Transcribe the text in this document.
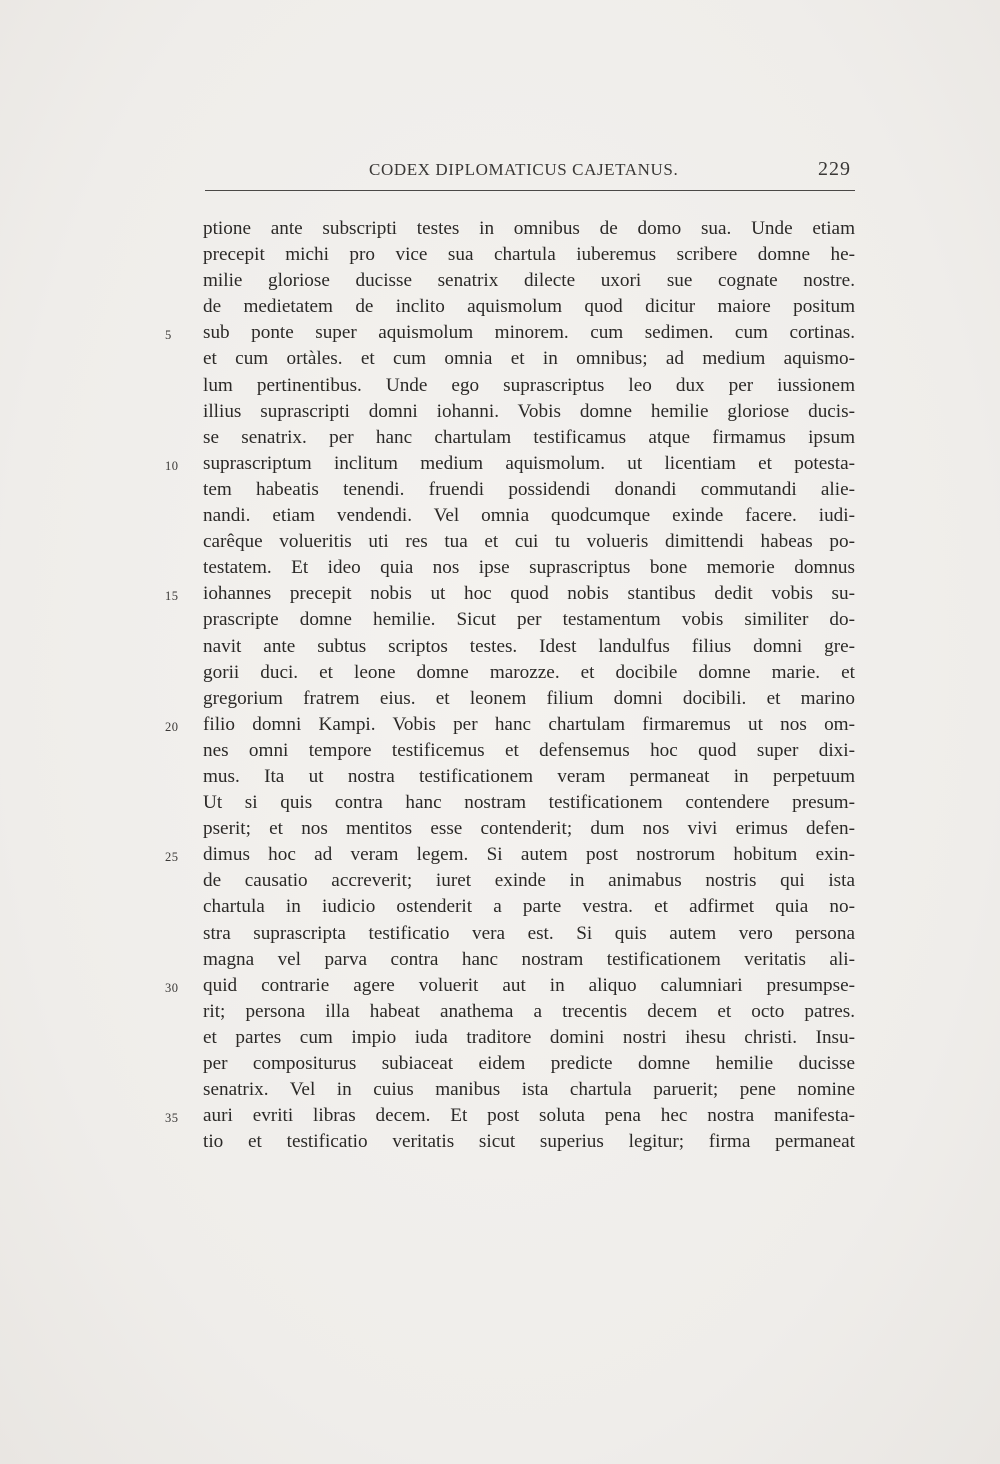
CODEX DIPLOMATICUS CAJETANUS.	229
ptione ante subscripti testes in omnibus de domo sua. Unde etiam
precepit michi pro vice sua chartula iuberemus scribere domne he-
milie gloriose ducisse senatrix dilecte uxori sue cognate nostre.
de medietatem de inclito aquismolum quod dicitur maiore positum
sub ponte super aquismolum minorem. cum sedimen. cum cortinas.
5
et cum ortàles. et cum omnia et in omnibus; ad medium aquismo-
lum pertinentibus. Unde ego suprascriptus leo dux per iussionem
illius suprascripti domni iohanni. Vobis domne hemilie gloriose ducis-
se senatrix. per hanc chartulam testificamus atque firmamus ipsum
suprascriptum inclitum medium aquismolum. ut licentiam et potesta-
10
tem habeatis tenendi. fruendi possidendi donandi commutandi alie-
nandi. etiam vendendi. Vel omnia quodcumque exinde facere. iudi-
carêque volueritis uti res tua et cui tu volueris dimittendi habeas po-
testatem. Et ideo quia nos ipse suprascriptus bone memorie domnus
iohannes precepit nobis ut hoc quod nobis stantibus dedit vobis su-
15
prascripte domne hemilie. Sicut per testamentum vobis similiter do-
navit ante subtus scriptos testes. Idest landulfus filius domni gre-
gorii duci. et leone domne marozze. et docibile domne marie. et
gregorium fratrem eius. et leonem filium domni docibili. et marino
filio domni Kampi. Vobis per hanc chartulam firmaremus ut nos om-
20
nes omni tempore testificemus et defensemus hoc quod super dixi-
mus. Ita ut nostra testificationem veram permaneat in perpetuum
Ut si quis contra hanc nostram testificationem contendere presum-
pserit; et nos mentitos esse contenderit; dum nos vivi erimus defen-
dimus hoc ad veram legem. Si autem post nostrorum hobitum exin-
25
de causatio accreverit; iuret exinde in animabus nostris qui ista
chartula in iudicio ostenderit a parte vestra. et adfirmet quia no-
stra suprascripta testificatio vera est. Si quis autem vero persona
magna vel parva contra hanc nostram testificationem veritatis ali-
quid contrarie agere voluerit aut in aliquo calumniari presumpse-
30
rit; persona illa habeat anathema a trecentis decem et octo patres.
et partes cum impio iuda traditore domini nostri ihesu christi. Insu-
per compositurus subiaceat eidem predicte domne hemilie ducisse
senatrix. Vel in cuius manibus ista chartula paruerit; pene nomine
auri evriti libras decem. Et post soluta pena hec nostra manifesta-
35
tio et testificatio veritatis sicut superius legitur; firma permaneat
